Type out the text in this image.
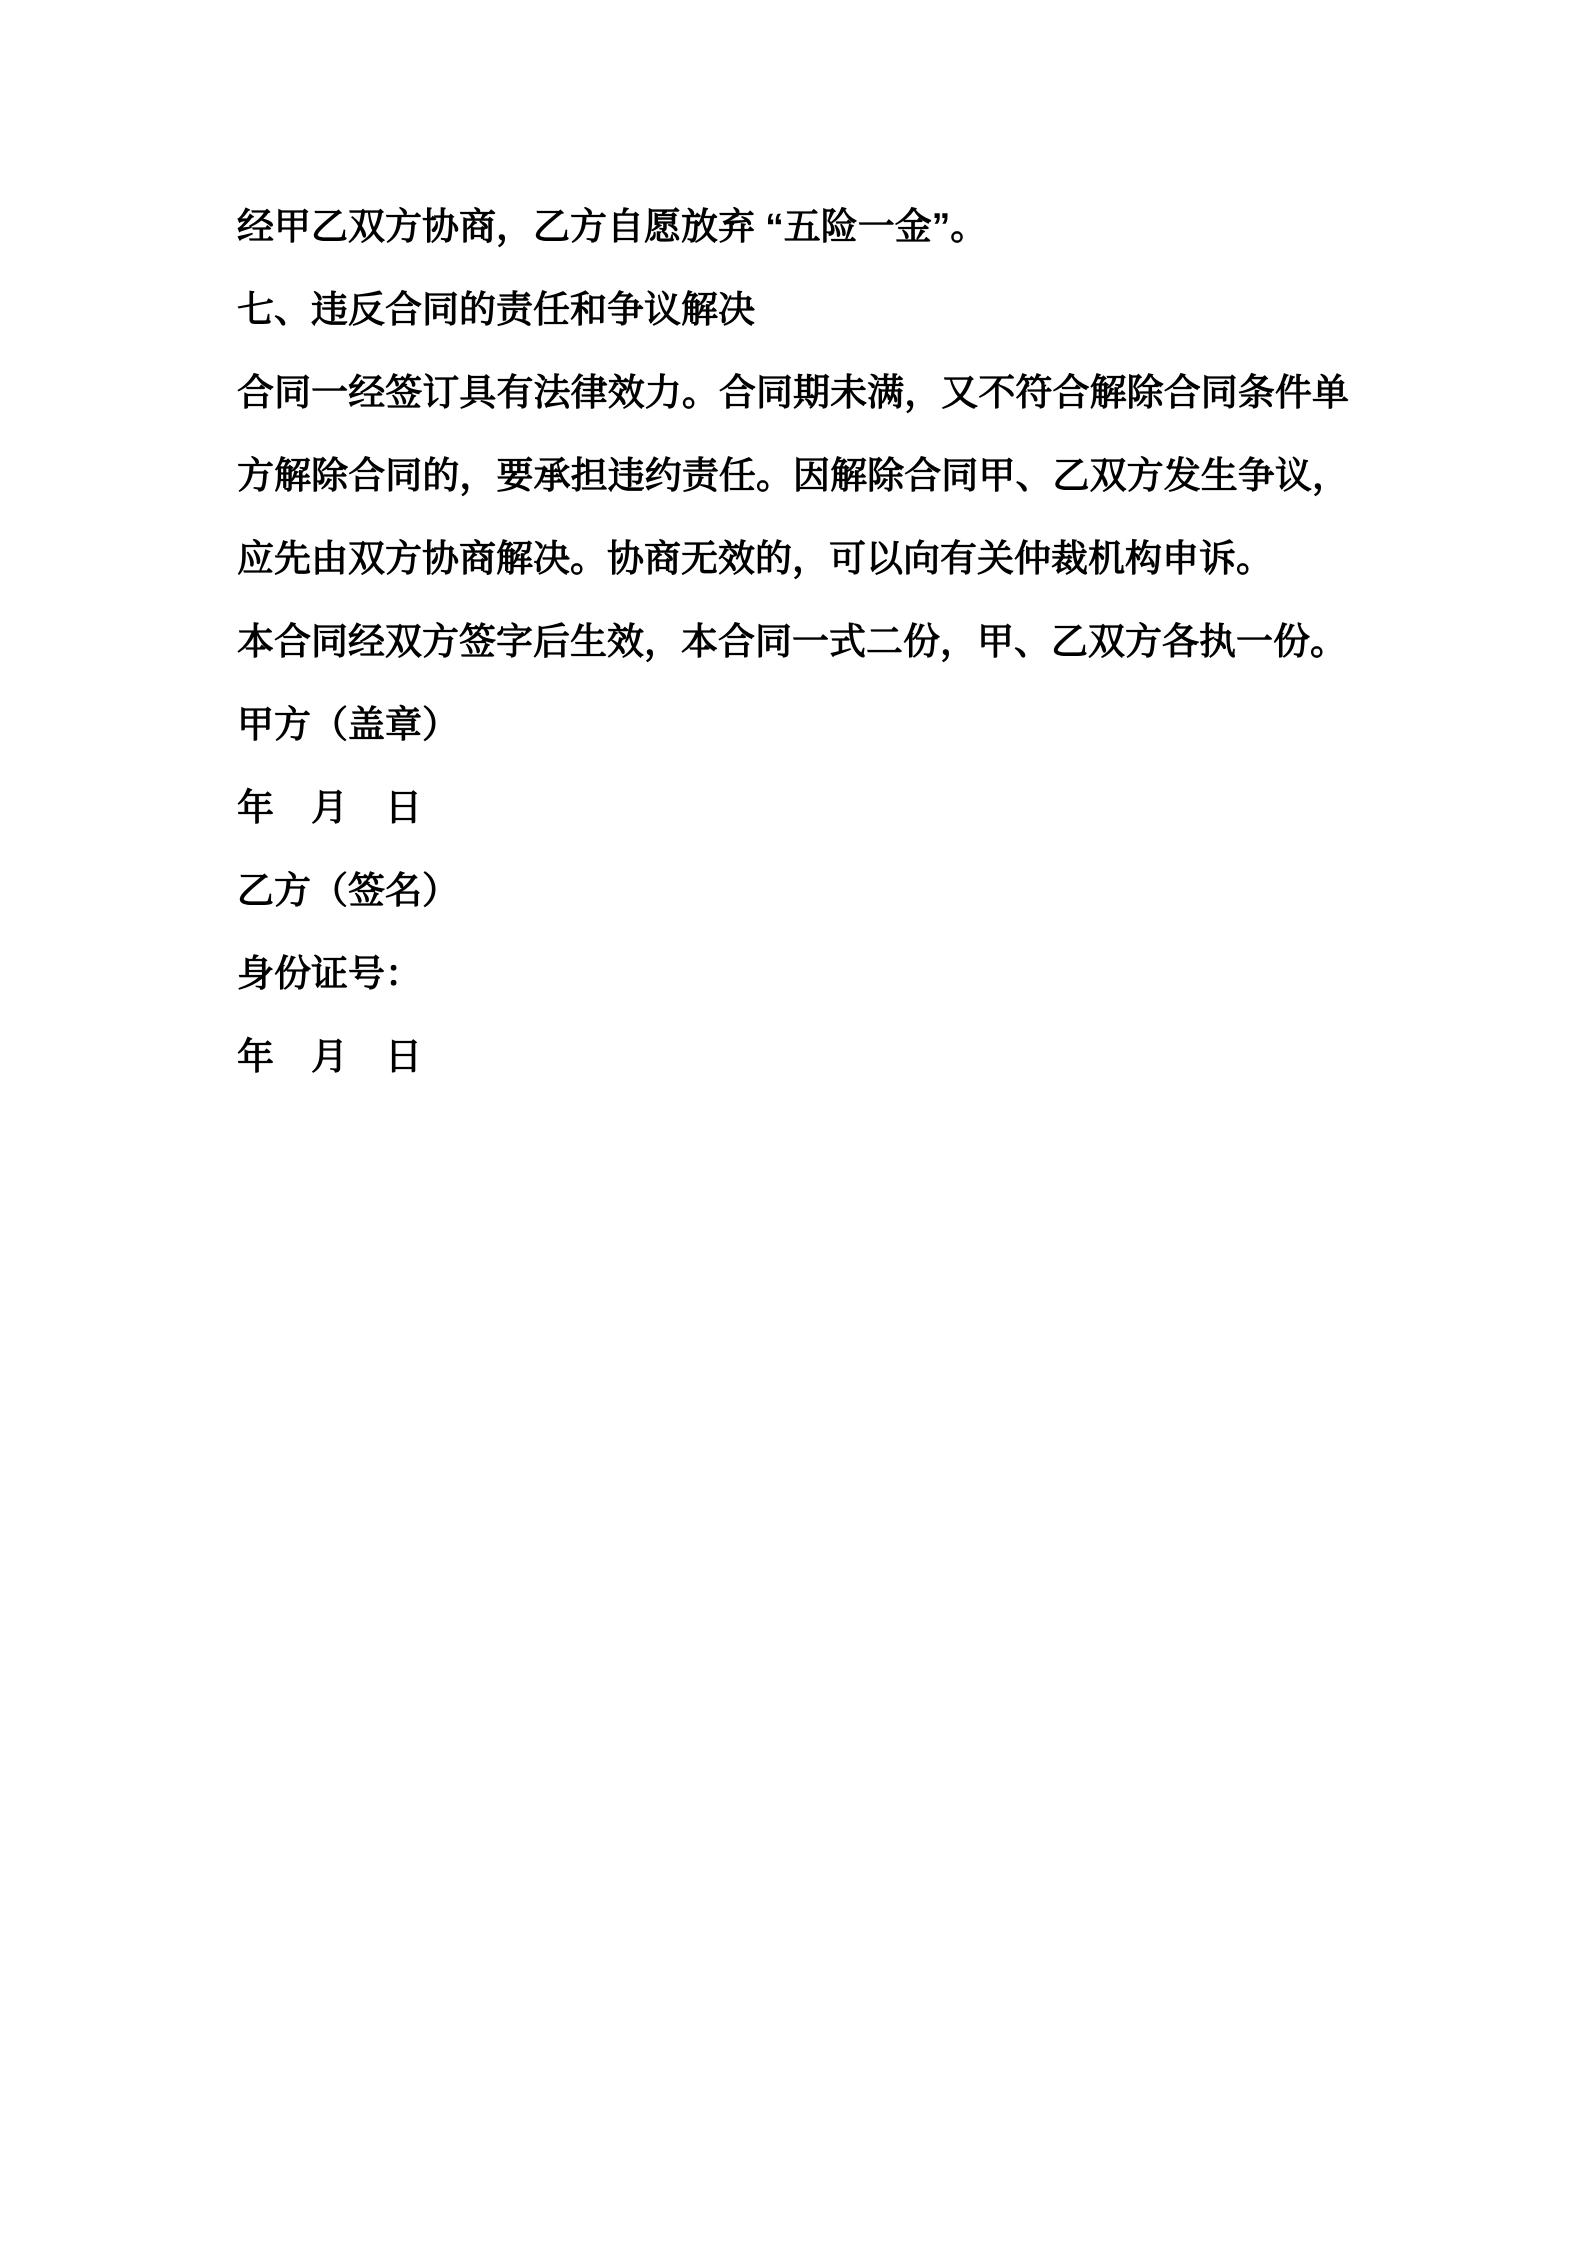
经甲乙双方协商，乙方自愿放弃 “五险一金”。
七、违反合同的责任和争议解决
合同一经签订具有法律效力。合同期未满，又不符合解除合同条件单
方解除合同的，要承担违约责任。因解除合同甲、乙双方发生争议，
应先由双方协商解决。协商无效的，可以向有关仲裁机构申诉。
本合同经双方签字后生效，本合同一式二份，甲、乙双方各执一份。
甲方（盖章）
年　月　日
乙方（签名）
身份证号：
年　月　日
